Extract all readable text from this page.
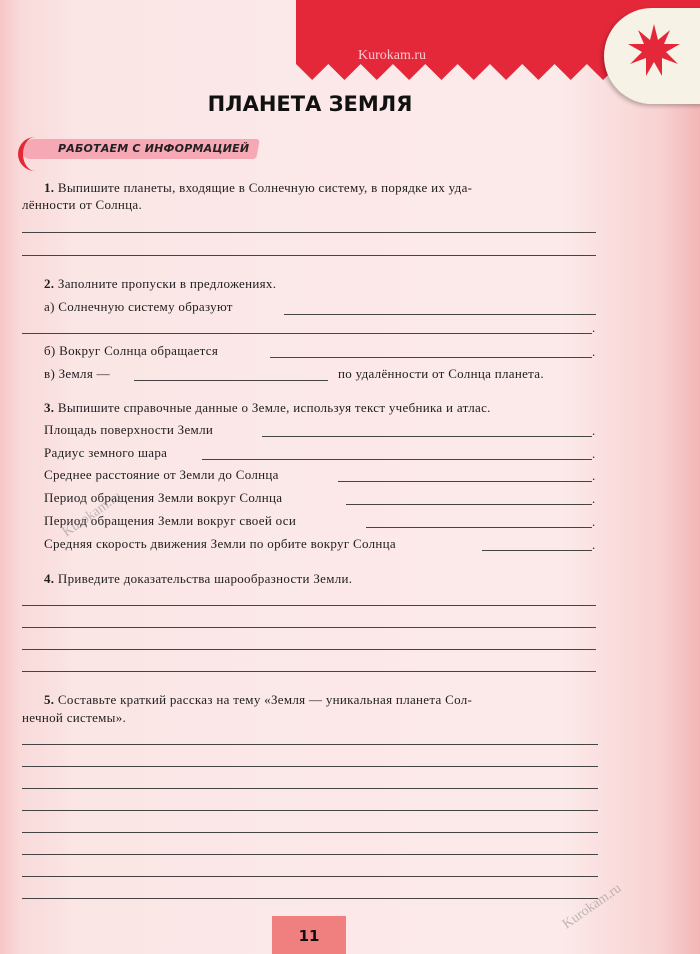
Kurokam.ru
ПЛАНЕТА ЗЕМЛЯ
РАБОТАЕМ С ИНФОРМАЦИЕЙ
1. Выпишите планеты, входящие в Солнечную систему, в порядке их уда-
лённости от Солнца.
2. Заполните пропуски в предложениях.
а) Солнечную систему образуют
.
б) Вокруг Солнца обращается	.
в) Земля —	по удалённости от Солнца планета.
3. Выпишите справочные данные о Земле, используя текст учебника и атлас.
Площадь поверхности Земли	.
Радиус земного шара	.
Среднее расстояние от Земли до Солнца	.
Период обращения Земли вокруг Солнца	.
Период обращения Земли вокруг своей оси	.
Средняя скорость движения Земли по орбите вокруг Солнца	.
4. Приведите доказательства шарообразности Земли.
5. Составьте краткий рассказ на тему «Земля — уникальная планета Сол-
нечной системы».
Kurokam.ru
Kurokam.ru
11
